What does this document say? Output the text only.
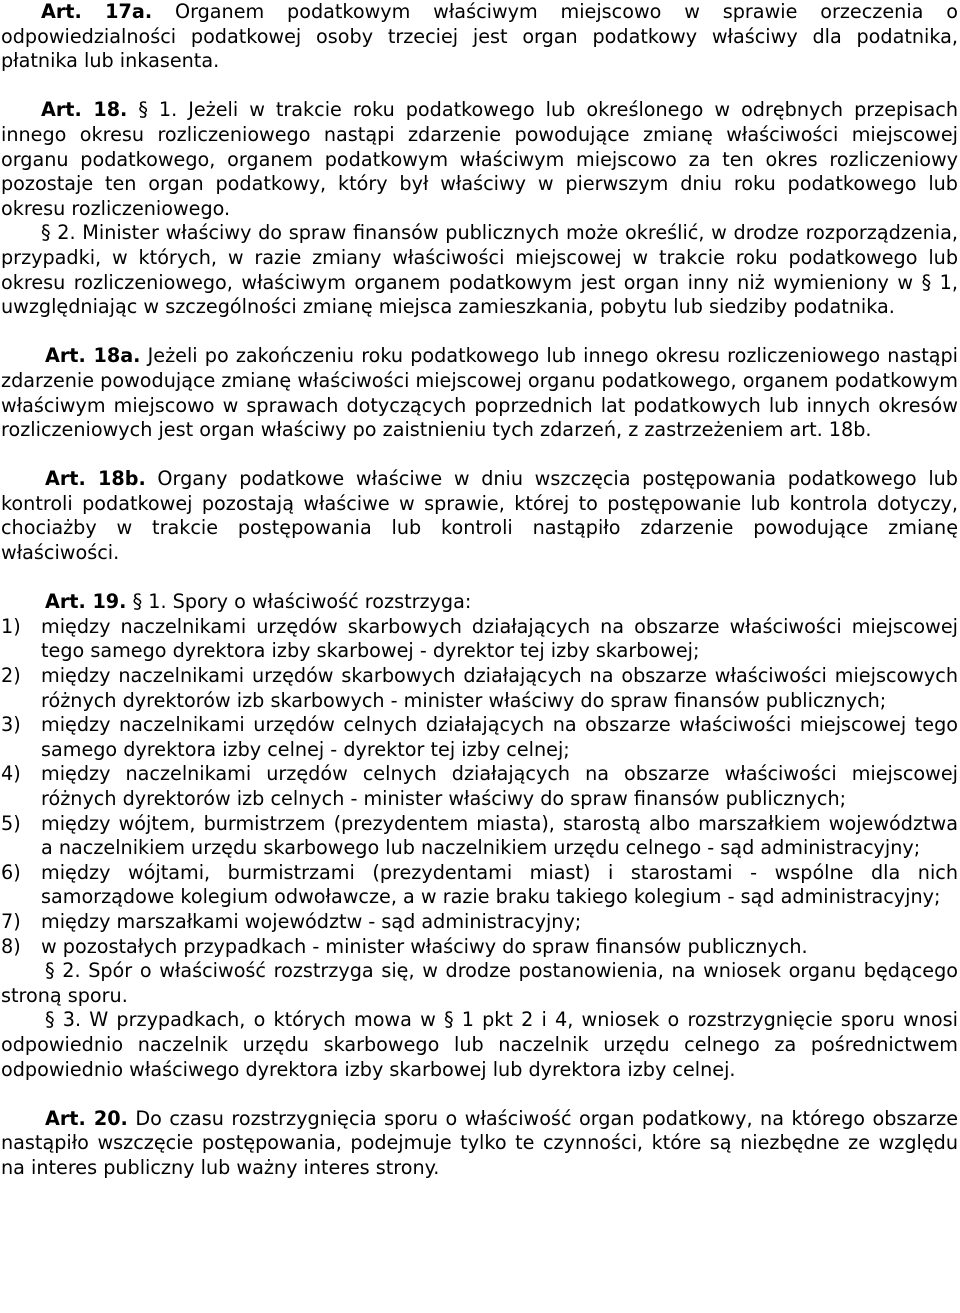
Art. 17a. Organem podatkowym właściwym miejscowo w sprawie orzeczenia o odpowiedzialności podatkowej osoby trzeciej jest organ podatkowy właściwy dla podatnika, płatnika lub inkasenta.

Art. 18. § 1. Jeżeli w trakcie roku podatkowego lub określonego w odrębnych przepisach innego okresu rozliczeniowego nastąpi zdarzenie powodujące zmianę właściwości miejscowej organu podatkowego, organem podatkowym właściwym miejscowo za ten okres rozliczeniowy pozostaje ten organ podatkowy, który był właściwy w pierwszym dniu roku podatkowego lub okresu rozliczeniowego.

§ 2. Minister właściwy do spraw finansów publicznych może określić, w drodze rozporządzenia, przypadki, w których, w razie zmiany właściwości miejscowej w trakcie roku podatkowego lub okresu rozliczeniowego, właściwym organem podatkowym jest organ inny niż wymieniony w § 1, uwzględniając w szczególności zmianę miejsca zamieszkania, pobytu lub siedziby podatnika.

Art. 18a. Jeżeli po zakończeniu roku podatkowego lub innego okresu rozliczeniowego nastąpi zdarzenie powodujące zmianę właściwości miejscowej organu podatkowego, organem podatkowym właściwym miejscowo w sprawach dotyczących poprzednich lat podatkowych lub innych okresów rozliczeniowych jest organ właściwy po zaistnieniu tych zdarzeń, z zastrzeżeniem art. 18b.

Art. 18b. Organy podatkowe właściwe w dniu wszczęcia postępowania podatkowego lub kontroli podatkowej pozostają właściwe w sprawie, której to postępowanie lub kontrola dotyczy, chociażby w trakcie postępowania lub kontroli nastąpiło zdarzenie powodujące zmianę właściwości.

Art. 19. § 1. Spory o właściwość rozstrzyga:

1)	między naczelnikami urzędów skarbowych działających na obszarze właściwości miejscowej tego samego dyrektora izby skarbowej - dyrektor tej izby skarbowej;
2)	między naczelnikami urzędów skarbowych działających na obszarze właściwości miejscowych różnych dyrektorów izb skarbowych - minister właściwy do spraw finansów publicznych;
3)	między naczelnikami urzędów celnych działających na obszarze właściwości miejscowej tego samego dyrektora izby celnej - dyrektor tej izby celnej;
4)	między naczelnikami urzędów celnych działających na obszarze właściwości miejscowej różnych dyrektorów izb celnych - minister właściwy do spraw finansów publicznych;
5)	między wójtem, burmistrzem (prezydentem miasta), starostą albo marszałkiem województwa a naczelnikiem urzędu skarbowego lub naczelnikiem urzędu celnego - sąd administracyjny;
6)	między wójtami, burmistrzami (prezydentami miast) i starostami - wspólne dla nich samorządowe kolegium odwoławcze, a w razie braku takiego kolegium - sąd administracyjny;
7)	między marszałkami województw - sąd administracyjny;
8)	w pozostałych przypadkach - minister właściwy do spraw finansów publicznych.

§ 2. Spór o właściwość rozstrzyga się, w drodze postanowienia, na wniosek organu będącego stroną sporu.

§ 3. W przypadkach, o których mowa w § 1 pkt 2 i 4, wniosek o rozstrzygnięcie sporu wnosi odpowiednio naczelnik urzędu skarbowego lub naczelnik urzędu celnego za pośrednictwem odpowiednio właściwego dyrektora izby skarbowej lub dyrektora izby celnej.

Art. 20. Do czasu rozstrzygnięcia sporu o właściwość organ podatkowy, na którego obszarze nastąpiło wszczęcie postępowania, podejmuje tylko te czynności, które są niezbędne ze względu na interes publiczny lub ważny interes strony.
